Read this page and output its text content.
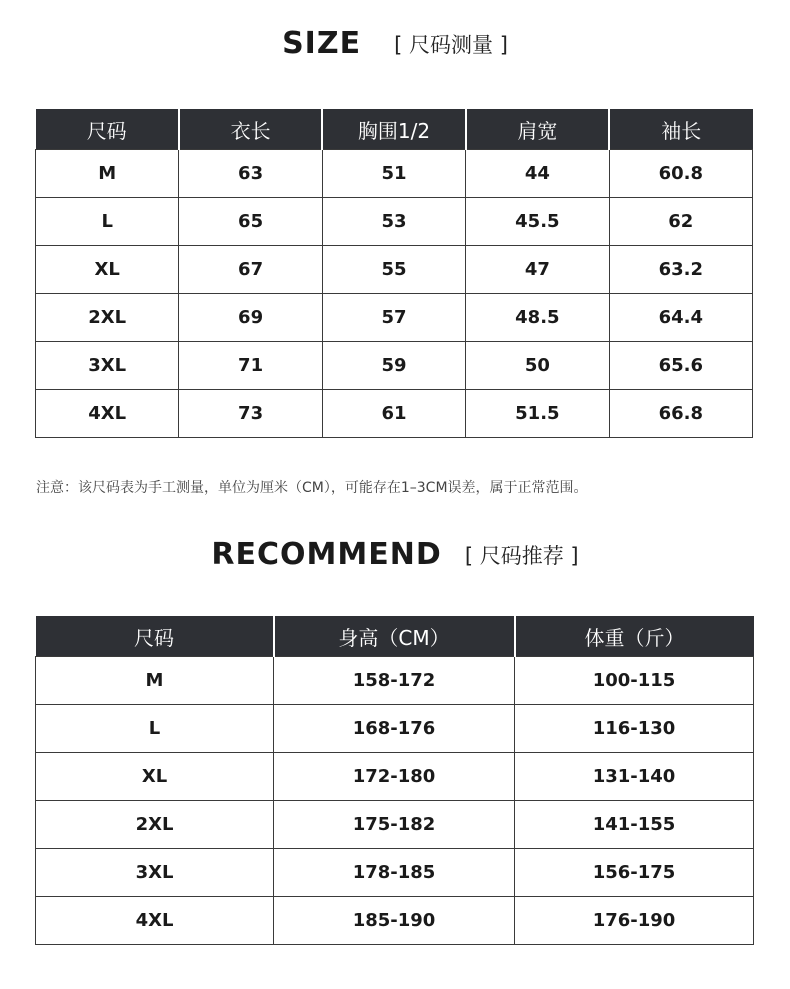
SIZE [ 尺码测量 ]
尺码	衣长	胸围1/2	肩宽	袖长
M	63	51	44	60.8
L	65	53	45.5	62
XL	67	55	47	63.2
2XL	69	57	48.5	64.4
3XL	71	59	50	65.6
4XL	73	61	51.5	66.8
注意：该尺码表为手工测量，单位为厘米（CM），可能存在1–3CM误差，属于正常范围。
RECOMMEND [ 尺码推荐 ]
尺码	身高（CM）	体重（斤）
M	158-172	100-115
L	168-176	116-130
XL	172-180	131-140
2XL	175-182	141-155
3XL	178-185	156-175
4XL	185-190	176-190
